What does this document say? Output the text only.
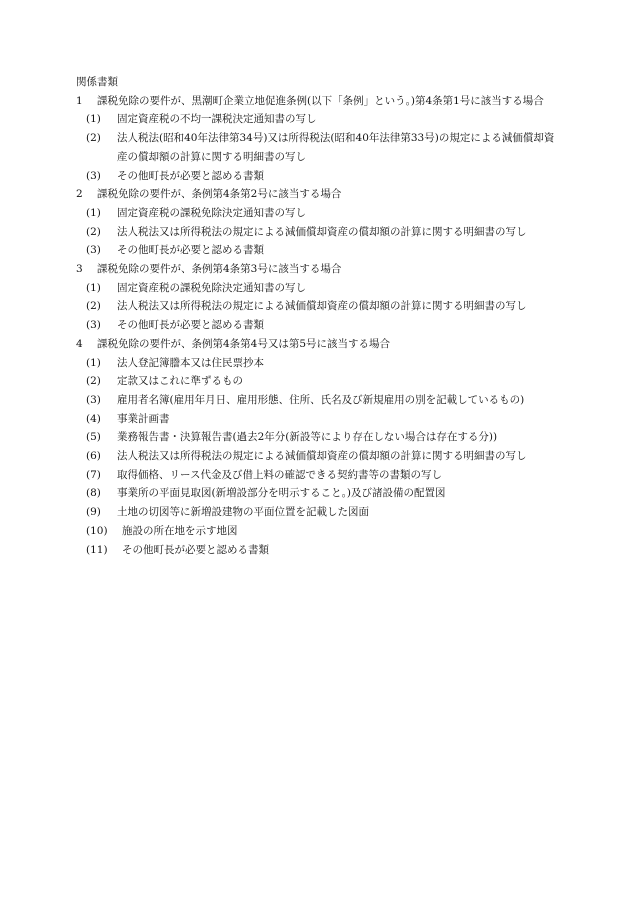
関係書類
1 課税免除の要件が、黒潮町企業立地促進条例(以下「条例」という。)第4条第1号に該当する場合
(1) 固定資産税の不均一課税決定通知書の写し
(2) 法人税法(昭和40年法律第34号)又は所得税法(昭和40年法律第33号)の規定による減価償却資産の償却額の計算に関する明細書の写し
(3) その他町長が必要と認める書類
2 課税免除の要件が、条例第4条第2号に該当する場合
(1) 固定資産税の課税免除決定通知書の写し
(2) 法人税法又は所得税法の規定による減価償却資産の償却額の計算に関する明細書の写し
(3) その他町長が必要と認める書類
3 課税免除の要件が、条例第4条第3号に該当する場合
(1) 固定資産税の課税免除決定通知書の写し
(2) 法人税法又は所得税法の規定による減価償却資産の償却額の計算に関する明細書の写し
(3) その他町長が必要と認める書類
4 課税免除の要件が、条例第4条第4号又は第5号に該当する場合
(1) 法人登記簿謄本又は住民票抄本
(2) 定款又はこれに準ずるもの
(3) 雇用者名簿(雇用年月日、雇用形態、住所、氏名及び新規雇用の別を記載しているもの)
(4) 事業計画書
(5) 業務報告書・決算報告書(過去2年分(新設等により存在しない場合は存在する分))
(6) 法人税法又は所得税法の規定による減価償却資産の償却額の計算に関する明細書の写し
(7) 取得価格、リース代金及び借上料の確認できる契約書等の書類の写し
(8) 事業所の平面見取図(新増設部分を明示すること。)及び諸設備の配置図
(9) 土地の切図等に新増設建物の平面位置を記載した図面
(10) 施設の所在地を示す地図
(11) その他町長が必要と認める書類
